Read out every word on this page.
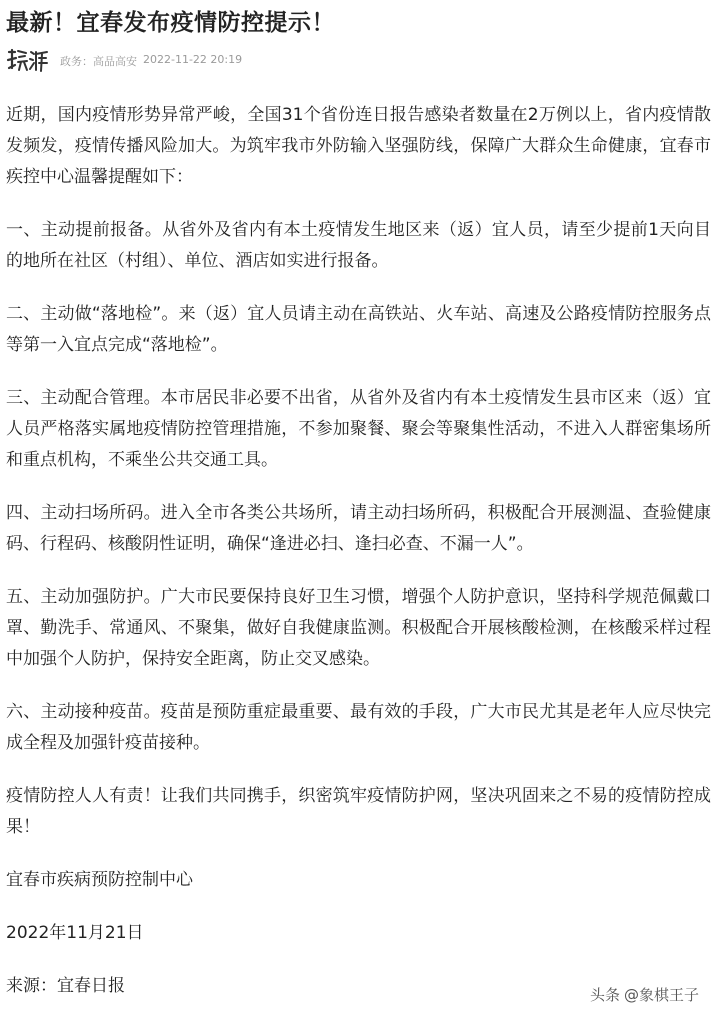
最新！宜春发布疫情防控提示！
政务：高品高安 2022-11-22 20:19

近期，国内疫情形势异常严峻，全国31个省份连日报告感染者数量在2万例以上，省内疫情散发频发，疫情传播风险加大。为筑牢我市外防输入坚强防线，保障广大群众生命健康，宜春市疾控中心温馨提醒如下：

一、主动提前报备。从省外及省内有本土疫情发生地区来（返）宜人员，请至少提前1天向目的地所在社区（村组）、单位、酒店如实进行报备。

二、主动做“落地检”。来（返）宜人员请主动在高铁站、火车站、高速及公路疫情防控服务点等第一入宜点完成“落地检”。

三、主动配合管理。本市居民非必要不出省，从省外及省内有本土疫情发生县市区来（返）宜人员严格落实属地疫情防控管理措施，不参加聚餐、聚会等聚集性活动，不进入人群密集场所和重点机构，不乘坐公共交通工具。

四、主动扫场所码。进入全市各类公共场所，请主动扫场所码，积极配合开展测温、查验健康码、行程码、核酸阴性证明，确保“逢进必扫、逢扫必查、不漏一人”。

五、主动加强防护。广大市民要保持良好卫生习惯，增强个人防护意识，坚持科学规范佩戴口罩、勤洗手、常通风、不聚集，做好自我健康监测。积极配合开展核酸检测，在核酸采样过程中加强个人防护，保持安全距离，防止交叉感染。

六、主动接种疫苗。疫苗是预防重症最重要、最有效的手段，广大市民尤其是老年人应尽快完成全程及加强针疫苗接种。

疫情防控人人有责！让我们共同携手，织密筑牢疫情防护网，坚决巩固来之不易的疫情防控成果！

宜春市疾病预防控制中心

2022年11月21日

来源：宜春日报	头条 @象棋王子
